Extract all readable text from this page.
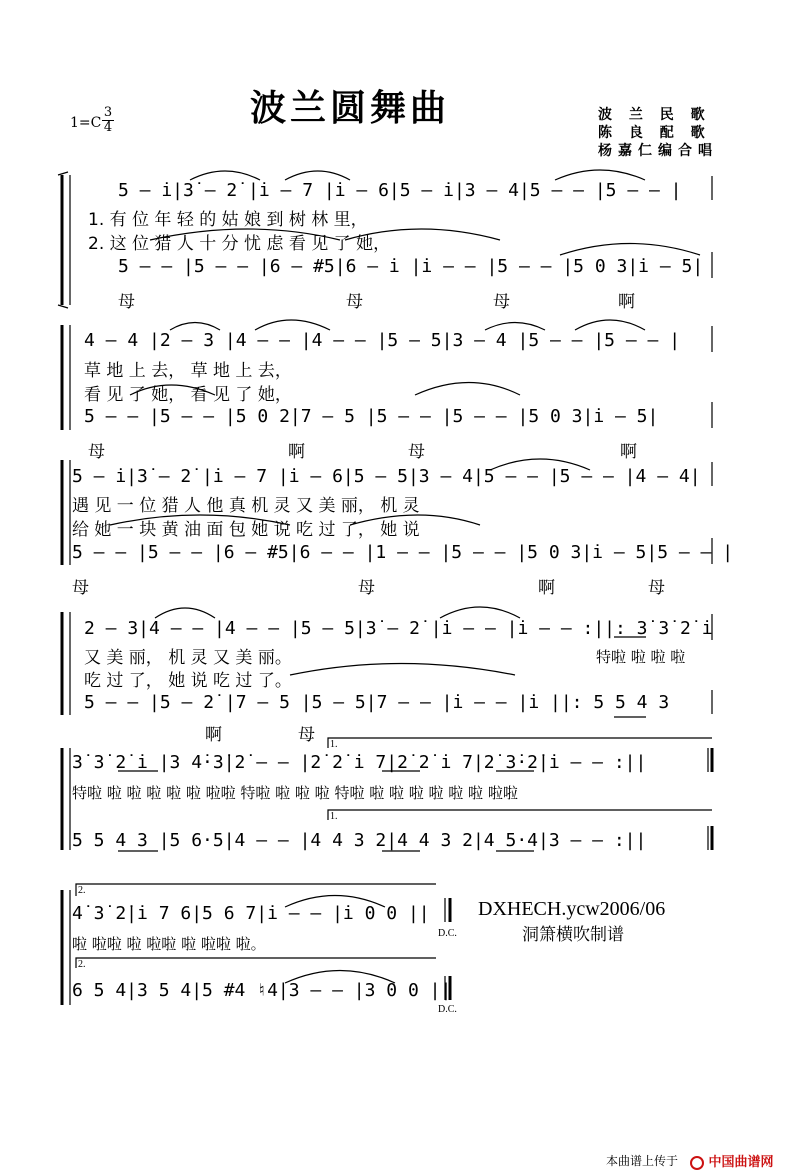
波兰圆舞曲
$1=C \frac{3}{4}$	波 兰 民 歌
陈 良 配 歌
杨嘉仁编合唱
5 – i̇|3̇ – 2̇ |i̇ – 7 |i̇ – 6|5 – i̇|3 – 4|5 – – |5 – – |
1. 有 位 年 轻 的 姑 娘 到 树 林 里，
2. 这 位 猎 人 十 分 忧 虑 看 见 了 她，
5 – – |5 – – |6 – #5|6 – i̇ |i̇ – – |5 – – |5 0 3|i̇ – 5|
母	母	母	啊
4 – 4 |2 – 3 |4 – – |4 – – |5 – 5|3 – 4 |5 – – |5 – – |
草 地 上 去， 草 地 上 去，
看 见 了 她， 看 见 了 她，
5 – – |5 – – |5 0 2̇|7 – 5 |5 – – |5 – – |5 0 3|i̇ – 5|
母	啊	母	啊
5 – i̇|3̇ – 2̇ |i̇ – 7 |i̇ – 6|5 – 5|3 – 4|5 – – |5 – – |4 – 4|
遇 见 一 位 猎 人 他 真 机 灵 又 美 丽， 机 灵
给 她 一 块 黄 油 面 包 她 说 吃 过 了， 她 说
5 – – |5 – – |6 – #5|6 – – |1 – – |5 – – |5 0 3|i̇ – 5|5 – – |
母	母	啊	母
2 – 3|4 – – |4 – – |5 – 5|3̇ – 2̇ |i̇ – – |i̇ – – :||: 3̇ 3̇ 2̇ i̇
又 美 丽， 机 灵 又 美 丽。
吃 过 了， 她 说 吃 过 了。
特啦 啦 啦 啦
5 – – |5 – 2̇ |7 – 5 |5 – 5|7 – – |i̇ – – |i̇ ||: 5 5 4 3
啊	母 1.
1.
3̇ 3̇ 2̇ i̇ |3 4̇·3̇|2̇ – – |2̇ 2̇ i̇ 7|2̇ 2̇ i̇ 7|2̇ 3̇·2̇|i̇ – – :||
特啦 啦 啦 啦 啦 啦 啦啦 特啦 啦 啦 啦 特啦 啦 啦 啦 啦 啦 啦 啦啦
5 5 4 3 |5 6·5|4 – – |4 4 3 2|4 4 3 2|4 5·4|3 – – :||
2.
2.
4̇ 3̇ 2̇|i̇ 7 6|5 6 7|i̇ – – |i̇ 0 0 ||
啦 啦啦 啦 啦啦 啦 啦啦 啦。
6 5 4|3 5 4|5 #4 ♮4|3 – – |3 0 0 ||
D.C.
D.C.
DXHECH.ycw2006/06
洞箫横吹制谱
本曲谱上传于	中国曲谱网
